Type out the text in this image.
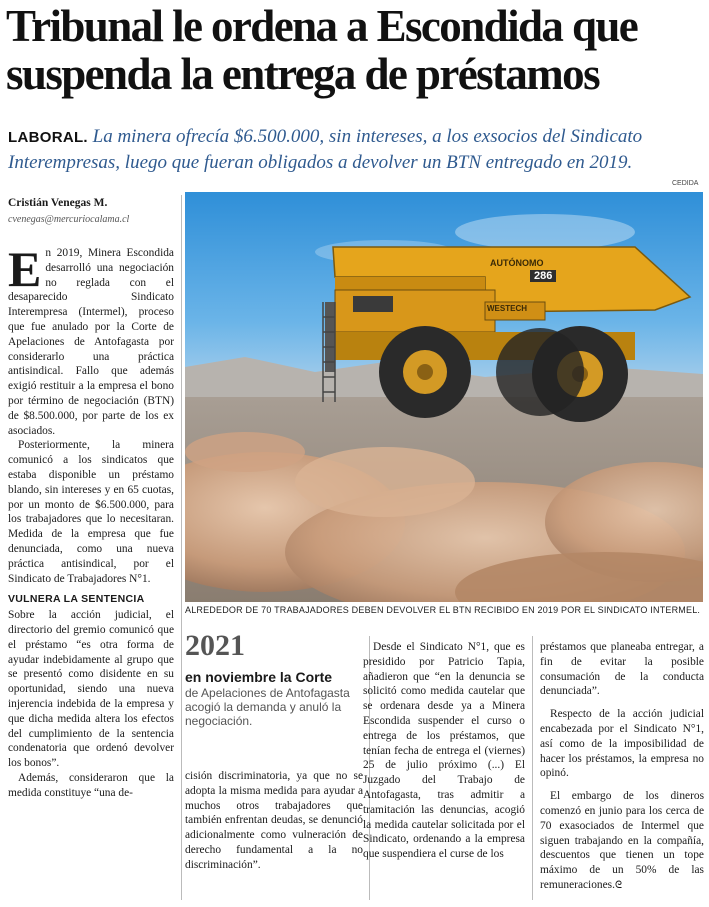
Tribunal le ordena a Escondida que suspenda la entrega de préstamos
LABORAL. La minera ofrecía $6.500.000, sin intereses, a los exsocios del Sindicato Interempresas, luego que fueran obligados a devolver un BTN entregado en 2019.
CEDIDA
Cristián Venegas M.
cvenegas@mercuriocalama.cl
AUTÓNOMO
286
WESTECH
ALREDEDOR DE 70 TRABAJADORES DEBEN DEVOLVER EL BTN RECIBIDO EN 2019 POR EL SINDICATO INTERMEL.

En 2019, Minera Escondida desarrolló una negociación no reglada con el desaparecido Sindicato Interempresa (Intermel), proceso que fue anulado por la Corte de Apelaciones de Antofagasta por considerarlo una práctica antisindical. Fallo que además exigió restituir a la empresa el bono por término de negociación (BTN) de $8.500.000, por parte de los ex asociados.

Posteriormente, la minera comunicó a los sindicatos que estaba disponible un préstamo blando, sin intereses y en 65 cuotas, por un monto de $6.500.000, para los trabajadores que lo necesitaran. Medida de la empresa que fue denunciada, como una nueva práctica antisindical, por el Sindicato de Trabajadores N°1.

VULNERA LA SENTENCIA

Sobre la acción judicial, el directorio del gremio comunicó que el préstamo “es otra forma de ayudar indebidamente al grupo que se presentó como disidente en su oportunidad, siendo una nueva injerencia indebida de la empresa y que dicha medida altera los efectos del cumplimiento de la sentencia condenatoria que ordenó devolver los bonos”.

Además, consideraron que la medida constituye “una de-

2021
en noviembre la Corte
de Apelaciones de Antofagasta acogió la demanda y anuló la negociación.

cisión discriminatoria, ya que no se adopta la misma medida para ayudar a muchos otros trabajadores que también enfrentan deudas, se denunció adicionalmente como vulneración de derecho fundamental a la no discriminación”.

Desde el Sindicato N°1, que es presidido por Patricio Tapia, añadieron que “en la denuncia se solicitó como medida cautelar que se ordenara desde ya a Minera Escondida suspender el curso o entrega de los préstamos, que tenían fecha de entrega el (viernes) 25 de julio próximo (...) El Juzgado del Trabajo de Antofagasta, tras admitir a tramitación las denuncias, acogió la medida cautelar solicitada por el Sindicato, ordenando a la empresa que suspendiera el curse de los

préstamos que planeaba entregar, a fin de evitar la posible consumación de la conducta denunciada”.

Respecto de la acción judicial encabezada por el Sindicato N°1, así como de la imposibilidad de hacer los préstamos, la empresa no opinó.

El embargo de los dineros comenzó en junio para los cerca de 70 exasociados de Intermel que siguen trabajando en la compañía, descuentos que tienen un tope máximo de un 50% de las remuneraciones.ᘓ
